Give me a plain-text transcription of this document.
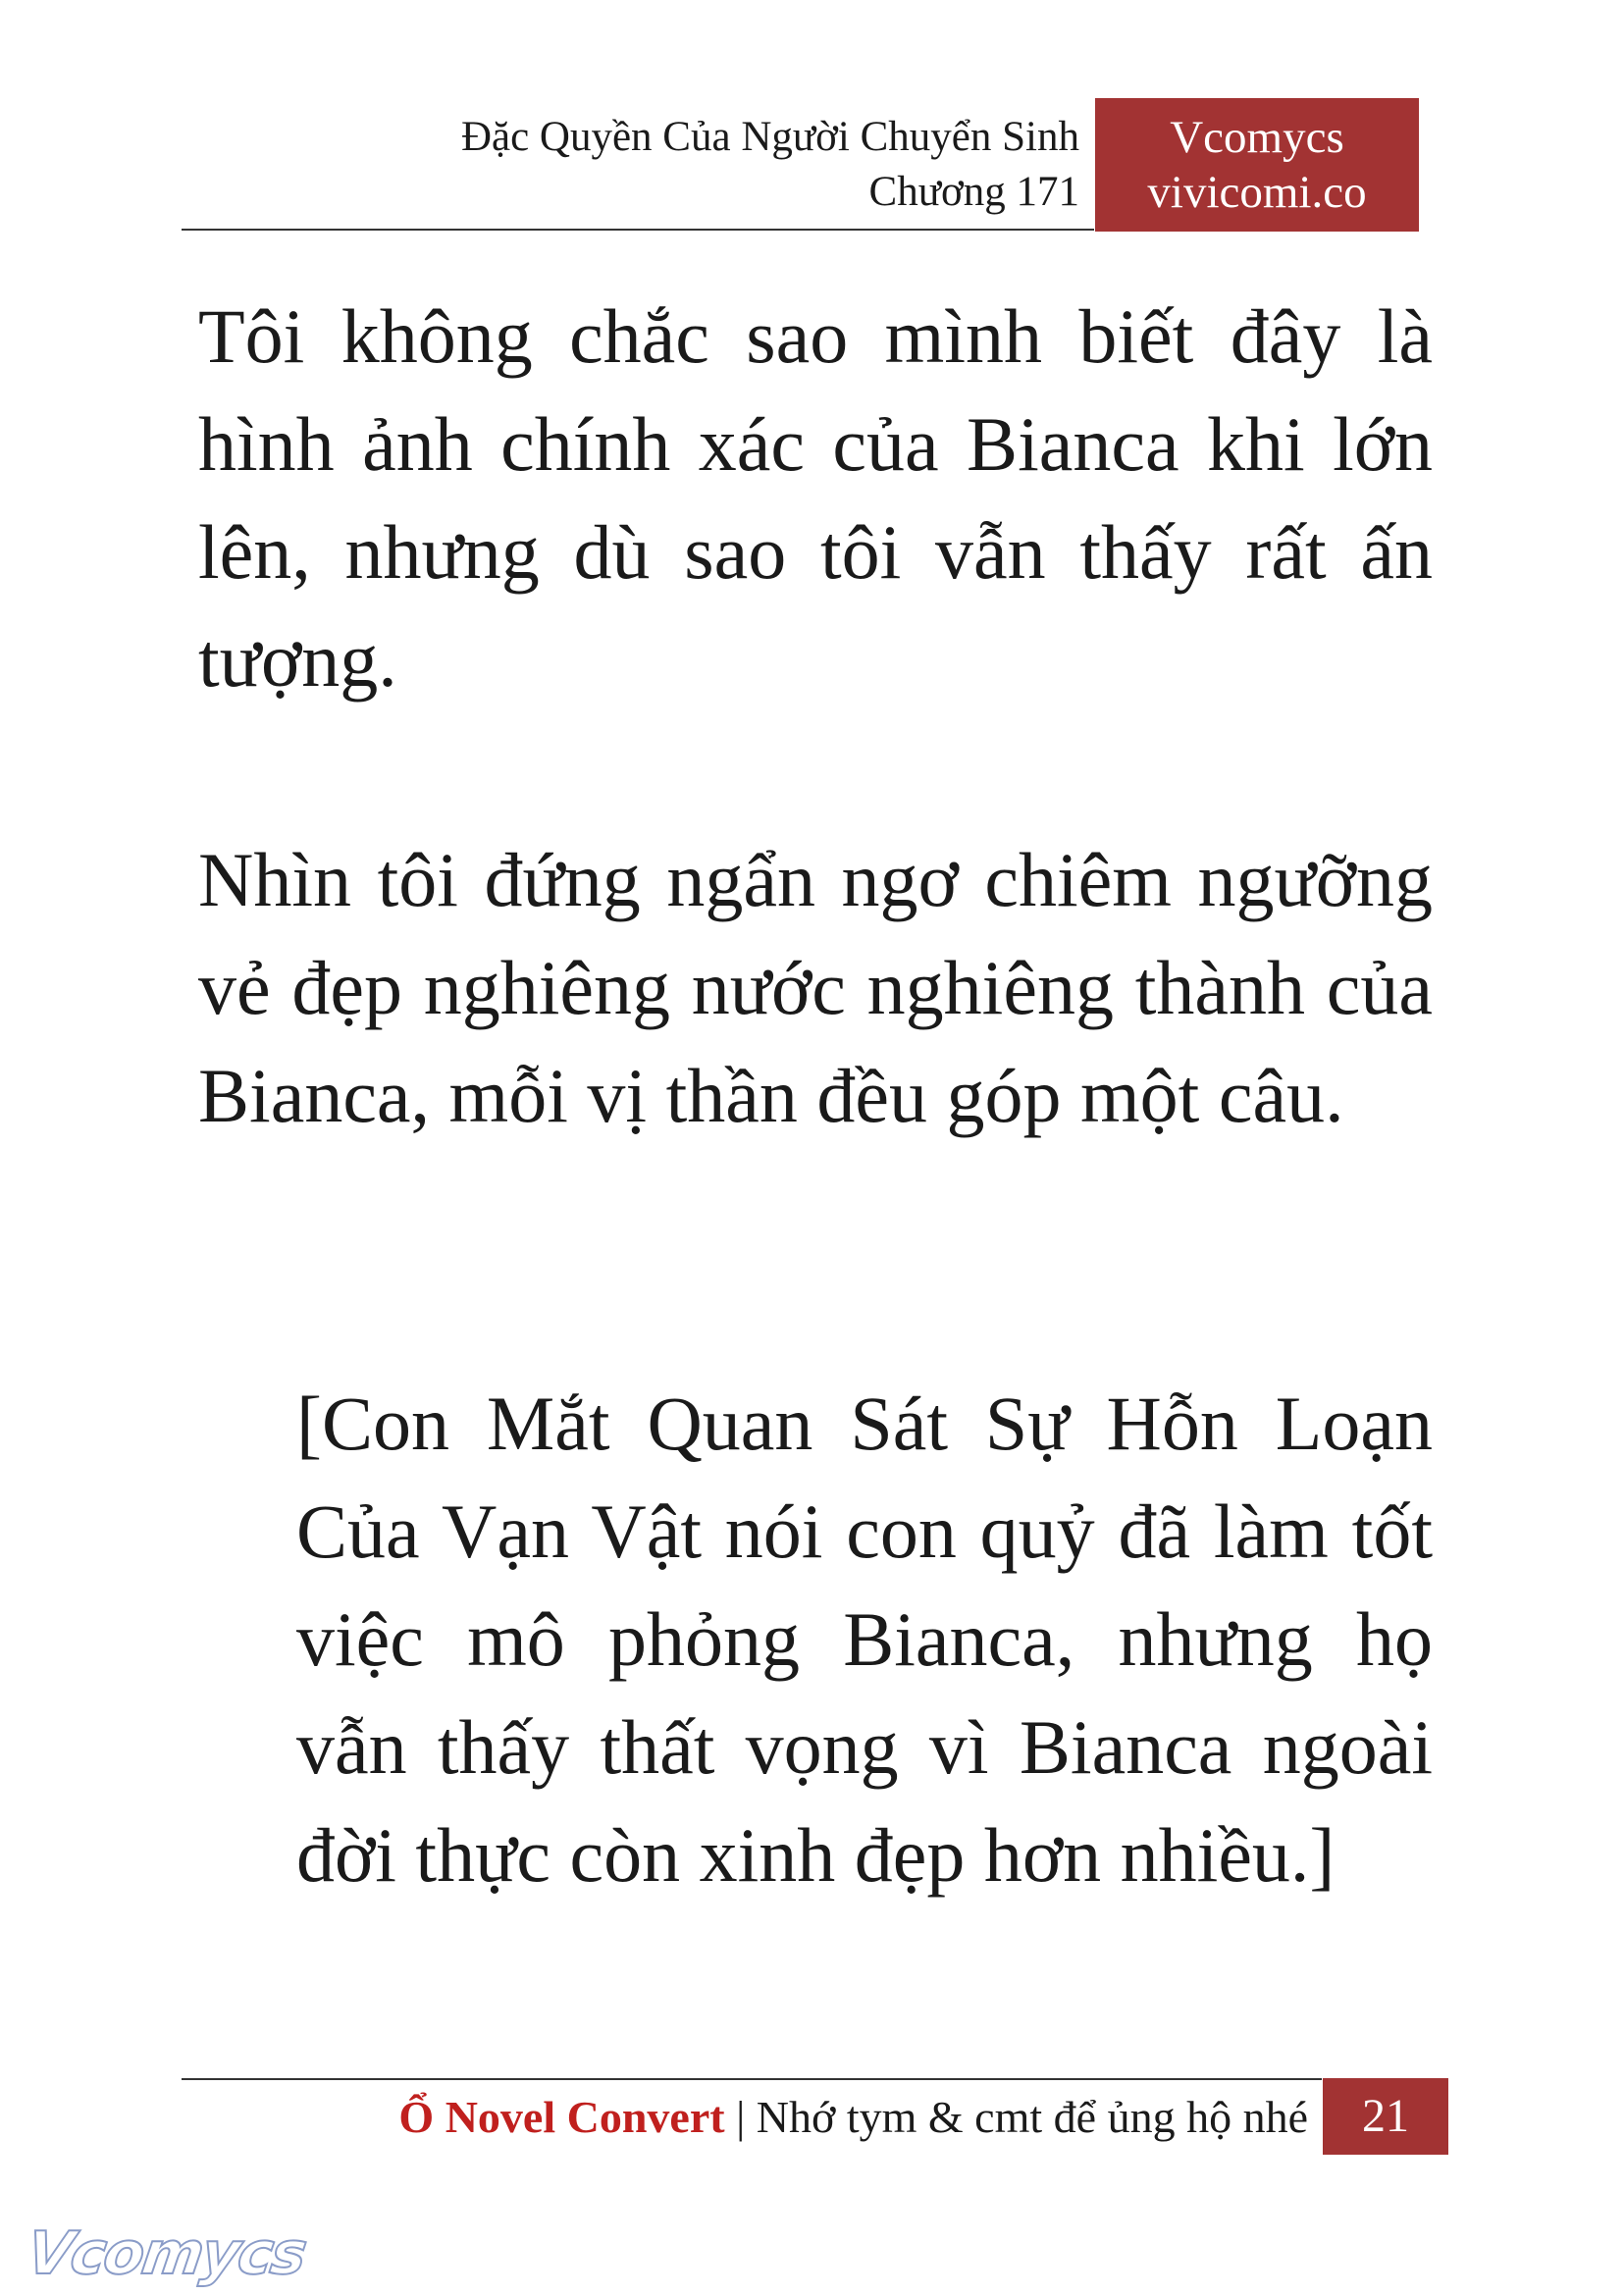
Đặc Quyền Của Người Chuyển Sinh
Chương 171
Vcomycs
vivicomi.co

Tôi không chắc sao mình biết đây là hình ảnh chính xác của Bianca khi lớn lên, nhưng dù sao tôi vẫn thấy rất ấn tượng.

Nhìn tôi đứng ngẩn ngơ chiêm ngưỡng vẻ đẹp nghiêng nước nghiêng thành của Bianca, mỗi vị thần đều góp một câu.

[Con Mắt Quan Sát Sự Hỗn Loạn Của Vạn Vật nói con quỷ đã làm tốt việc mô phỏng Bianca, nhưng họ vẫn thấy thất vọng vì Bianca ngoài đời thực còn xinh đẹp hơn nhiều.]

Ổ Novel Convert | Nhớ tym & cmt để ủng hộ nhé	21
Vcomycs
